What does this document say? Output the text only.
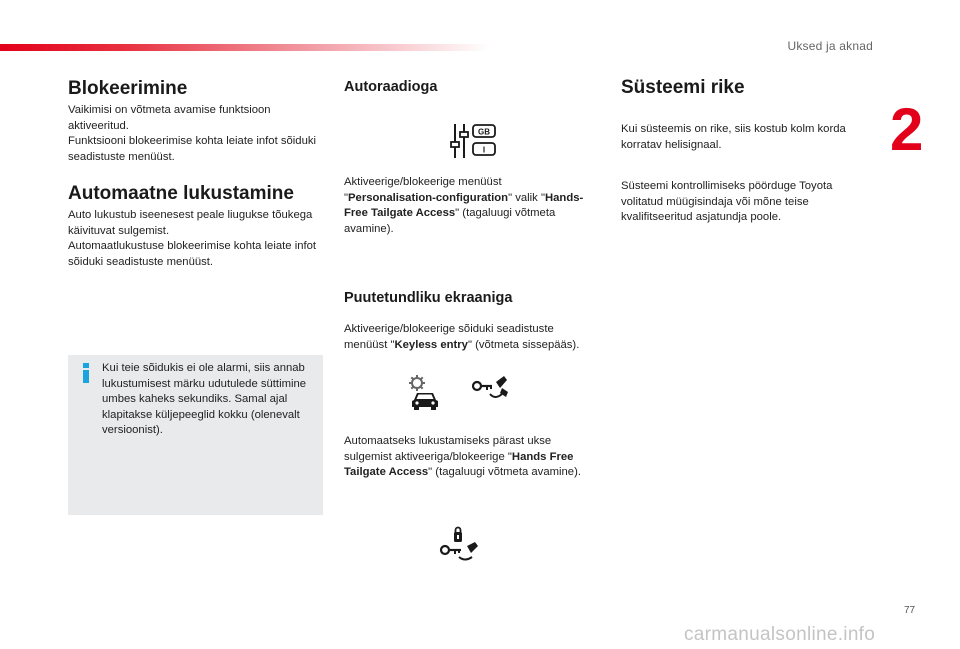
Uksed ja aknad
2
Blokeerimine

Vaikimisi on võtmeta avamise funktsioon aktiveeritud.

Funktsiooni blokeerimise kohta leiate infot sõiduki seadistuste menüüst.

Automaatne lukustamine

Auto lukustub iseenesest peale liugukse tõukega käivituvat sulgemist.

Automaatlukustuse blokeerimise kohta leiate infot sõiduki seadistuste menüüst.

Kui teie sõidukis ei ole alarmi, siis annab lukustumisest märku udutulede süttimine umbes kaheks sekundiks. Samal ajal klapitakse küljepeeglid kokku (olenevalt versioonist).

Autoraadioga
GB
I

Aktiveerige/blokeerige menüüst "Personalisation-configuration" valik "Hands-Free Tailgate Access" (tagaluugi võtmeta avamine).

Puutetundliku ekraaniga

Aktiveerige/blokeerige sõiduki seadistuste menüüst "Keyless entry" (võtmeta sissepääs).

Automaatseks lukustamiseks pärast ukse sulgemist aktiveeriga/blokeerige "Hands Free Tailgate Access" (tagaluugi võtmeta avamine).

Süsteemi rike

Kui süsteemis on rike, siis kostub kolm korda korratav helisignaal.

Süsteemi kontrollimiseks pöörduge Toyota volitatud müügisindaja või mõne teise kvalifitseeritud asjatundja poole.

77
carmanualsonline.info
